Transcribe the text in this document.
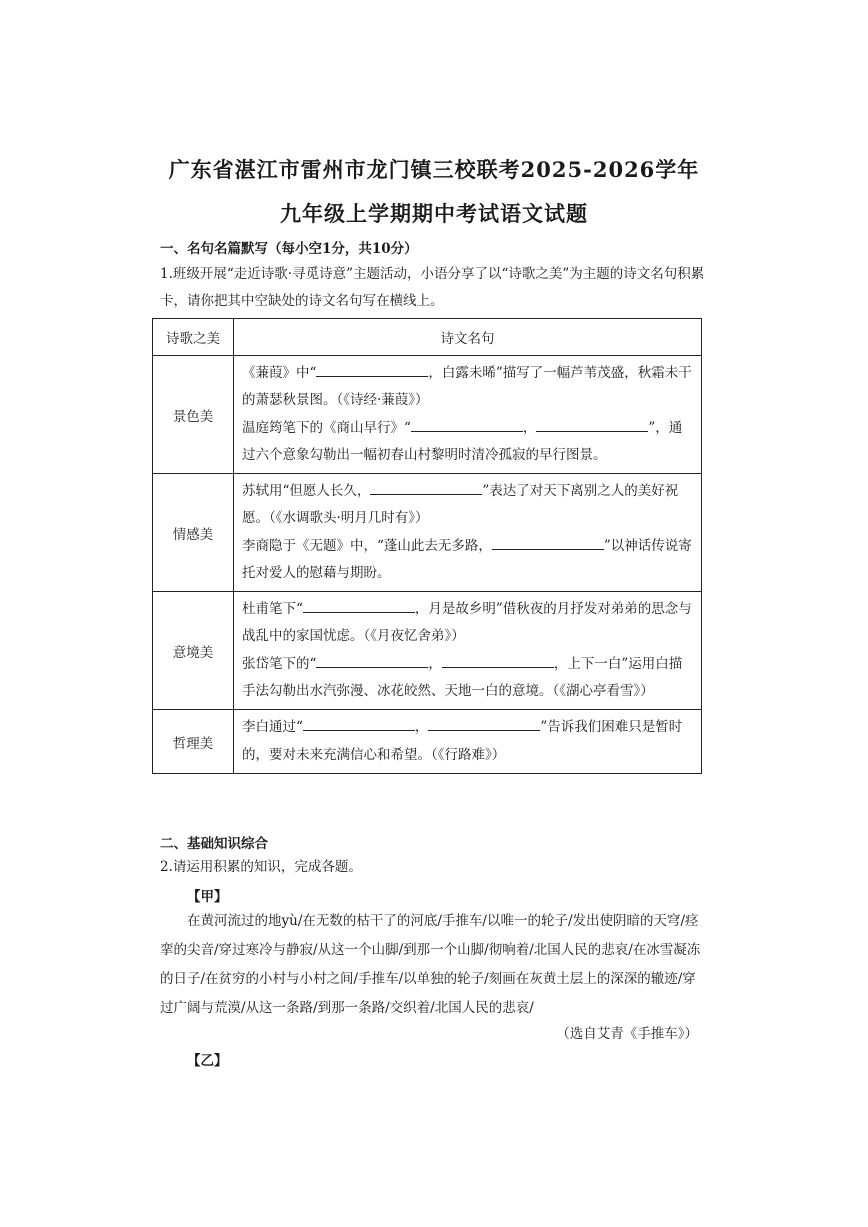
广东省湛江市雷州市龙门镇三校联考2025-2026学年
九年级上学期期中考试语文试题
一、名句名篇默写（每小空1分，共10分）
1.班级开展“走近诗歌·寻觅诗意”主题活动，小语分享了以“诗歌之美”为主题的诗文名句积累卡，请你把其中空缺处的诗文名句写在横线上。
诗歌之美	诗文名句
景色美	《蒹葭》中“ ，白露未晞”描写了一幅芦苇茂盛，秋霜未干的萧瑟秋景图。（《诗经·蒹葭》）
温庭筠笔下的《商山早行》“ ， ”，通过六个意象勾勒出一幅初春山村黎明时清冷孤寂的早行图景。
情感美	苏轼用“但愿人长久， ”表达了对天下离别之人的美好祝愿。（《水调歌头·明月几时有》）
李商隐于《无题》中，“蓬山此去无多路， ”以神话传说寄托对爱人的慰藉与期盼。
意境美	杜甫笔下“ ，月是故乡明”借秋夜的月抒发对弟弟的思念与战乱中的家国忧虑。（《月夜忆舍弟》）
张岱笔下的“ ， ，上下一白”运用白描手法勾勒出水汽弥漫、冰花皎然、天地一白的意境。（《湖心亭看雪》）
哲理美	李白通过“ ， ”告诉我们困难只是暂时的，要对未来充满信心和希望。（《行路难》）
二、基础知识综合
2.请运用积累的知识，完成各题。
【甲】
在黄河流过的地yù/在无数的枯干了的河底/手推车/以唯一的轮子/发出使阴暗的天穹/痉挛的尖音/穿过寒冷与静寂/从这一个山脚/到那一个山脚/彻响着/北国人民的悲哀/在冰雪凝冻的日子/在贫穷的小村与小村之间/手推车/以单独的轮子/刻画在灰黄土层上的深深的辙迹/穿过广阔与荒漠/从这一条路/到那一条路/交织着/北国人民的悲哀/
（选自艾青《手推车》）
【乙】
